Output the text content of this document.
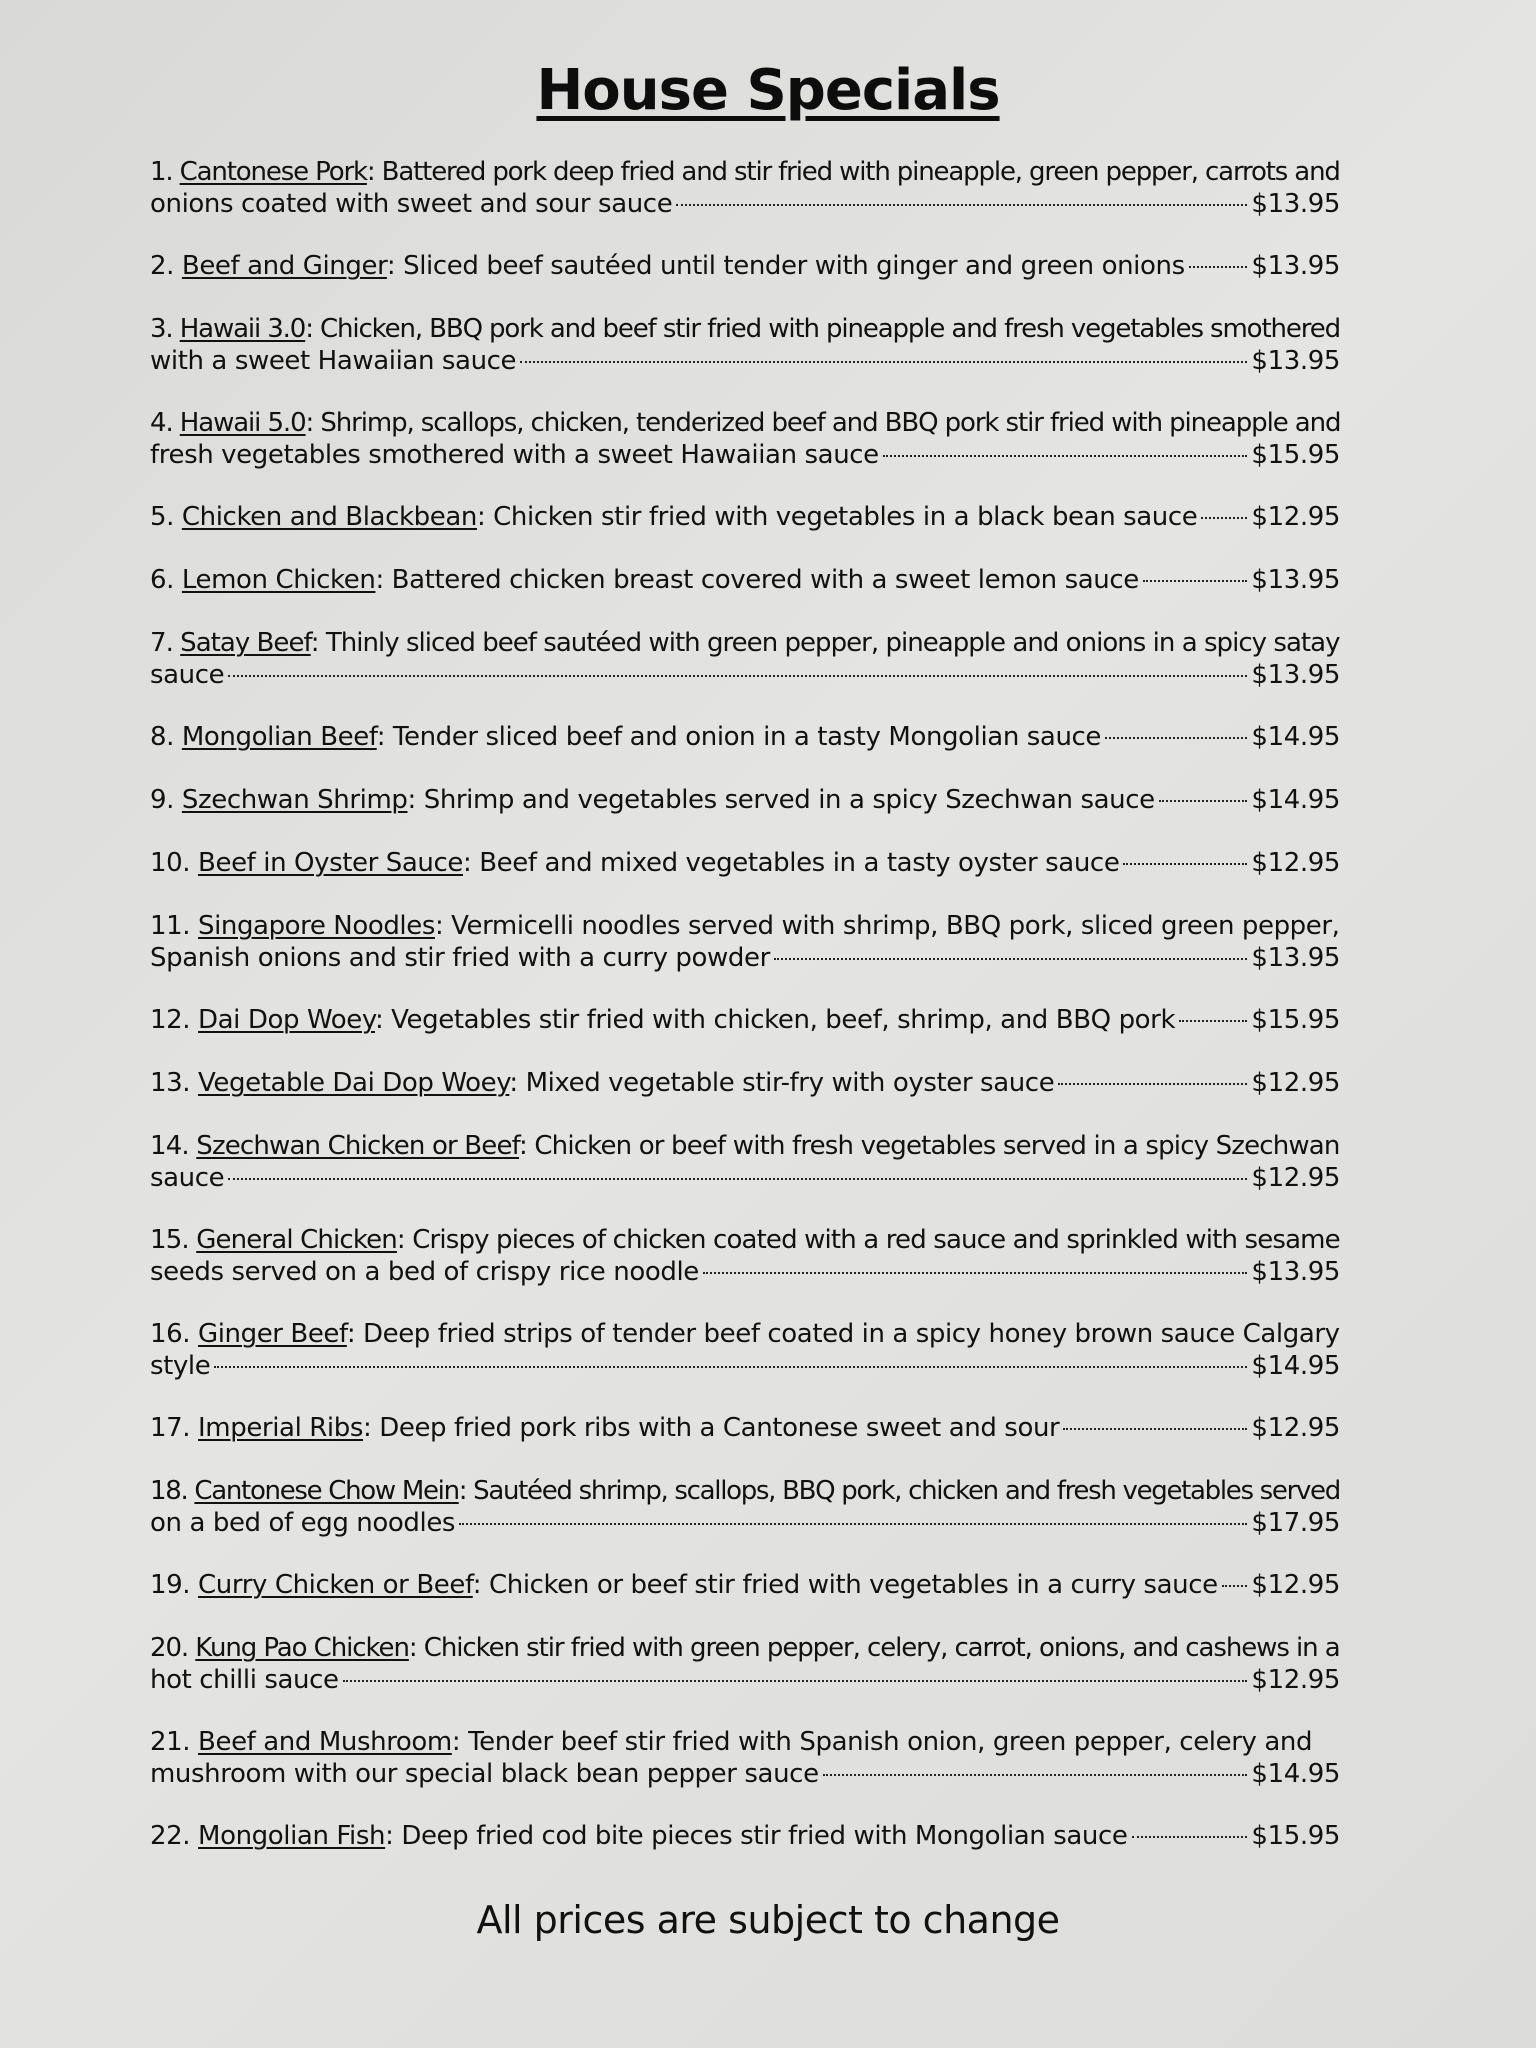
House Specials
1. Cantonese Pork: Battered pork deep fried and stir fried with pineapple, green pepper, carrots and
onions coated with sweet and sour sauce	$13.95
2. Beef and Ginger: Sliced beef sautéed until tender with ginger and green onions	$13.95
3. Hawaii 3.0: Chicken, BBQ pork and beef stir fried with pineapple and fresh vegetables smothered
with a sweet Hawaiian sauce	$13.95
4. Hawaii 5.0: Shrimp, scallops, chicken, tenderized beef and BBQ pork stir fried with pineapple and
fresh vegetables smothered with a sweet Hawaiian sauce	$15.95
5. Chicken and Blackbean: Chicken stir fried with vegetables in a black bean sauce $12.95
6. Lemon Chicken: Battered chicken breast covered with a sweet lemon sauce	$13.95
7. Satay Beef: Thinly sliced beef sautéed with green pepper, pineapple and onions in a spicy satay
sauce	$13.95
8. Mongolian Beef: Tender sliced beef and onion in a tasty Mongolian sauce	$14.95
9. Szechwan Shrimp: Shrimp and vegetables served in a spicy Szechwan sauce	$14.95
10. Beef in Oyster Sauce: Beef and mixed vegetables in a tasty oyster sauce	$12.95
11. Singapore Noodles: Vermicelli noodles served with shrimp, BBQ pork, sliced green pepper,
Spanish onions and stir fried with a curry powder	$13.95
12. Dai Dop Woey: Vegetables stir fried with chicken, beef, shrimp, and BBQ pork	$15.95
13. Vegetable Dai Dop Woey: Mixed vegetable stir-fry with oyster sauce	$12.95
14. Szechwan Chicken or Beef: Chicken or beef with fresh vegetables served in a spicy Szechwan
sauce	$12.95
15. General Chicken: Crispy pieces of chicken coated with a red sauce and sprinkled with sesame
seeds served on a bed of crispy rice noodle	$13.95
16. Ginger Beef: Deep fried strips of tender beef coated in a spicy honey brown sauce Calgary
style	$14.95
17. Imperial Ribs: Deep fried pork ribs with a Cantonese sweet and sour	$12.95
18. Cantonese Chow Mein: Sautéed shrimp, scallops, BBQ pork, chicken and fresh vegetables served
on a bed of egg noodles	$17.95
19. Curry Chicken or Beef: Chicken or beef stir fried with vegetables in a curry sauce $12.95
20. Kung Pao Chicken: Chicken stir fried with green pepper, celery, carrot, onions, and cashews in a
hot chilli sauce	$12.95
21. Beef and Mushroom: Tender beef stir fried with Spanish onion, green pepper, celery and
mushroom with our special black bean pepper sauce	$14.95
22. Mongolian Fish: Deep fried cod bite pieces stir fried with Mongolian sauce	$15.95

All prices are subject to change
